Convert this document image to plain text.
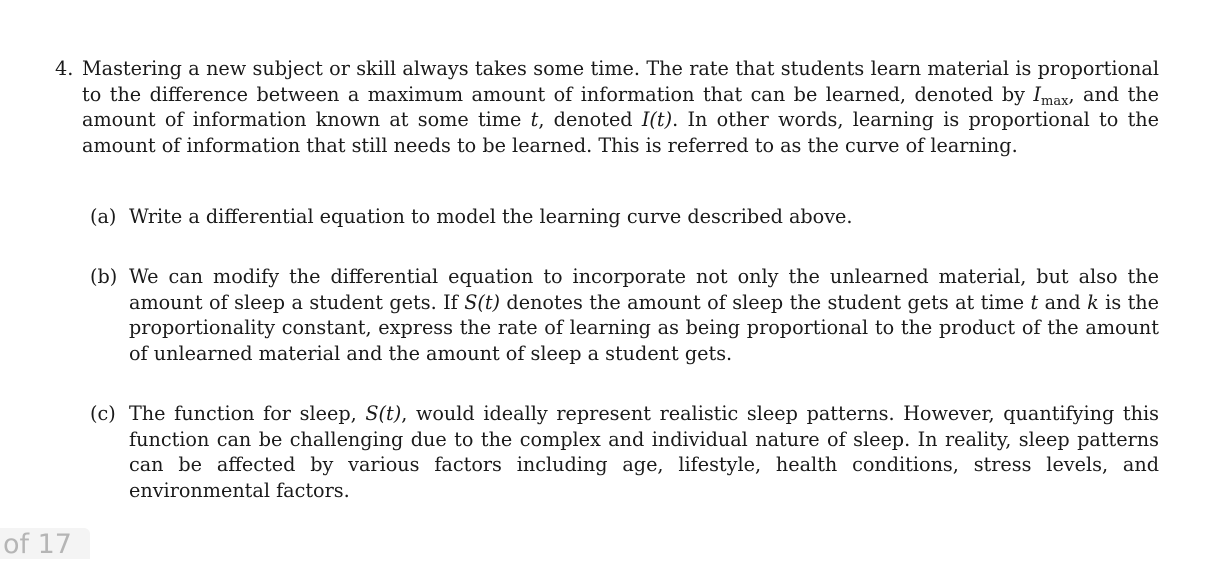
4. Mastering a new subject or skill always takes some time. The rate that students learn material is proportional to the difference between a maximum amount of information that can be learned, denoted by $I_{max}$, and the amount of information known at some time t, denoted I(t). In other words, learning is proportional to the amount of information that still needs to be learned. This is referred to as the curve of learning.
(a) Write a differential equation to model the learning curve described above.
(b) We can modify the differential equation to incorporate not only the unlearned material, but also the amount of sleep a student gets. If S(t) denotes the amount of sleep the student gets at time t and k is the proportionality constant, express the rate of learning as being proportional to the product of the amount of unlearned material and the amount of sleep a student gets.
(c) The function for sleep, S(t), would ideally represent realistic sleep patterns. However, quantifying this function can be challenging due to the complex and individual nature of sleep. In reality, sleep patterns can be affected by various factors including age, lifestyle, health conditions, stress levels, and environmental factors.
of 17
